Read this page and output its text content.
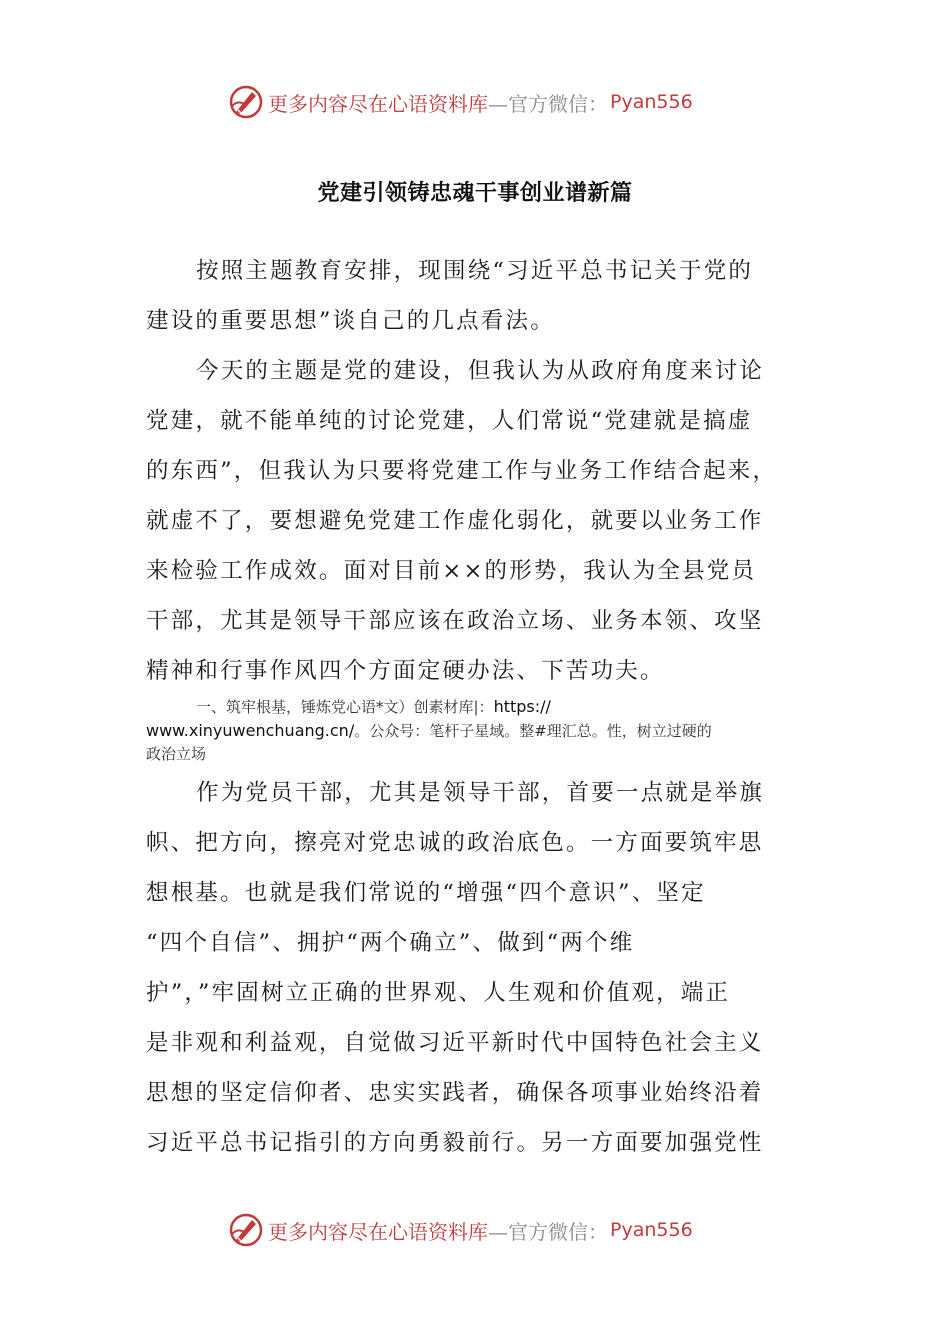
更多内容尽在心语资料库 —官方微信： Pyan556
党建引领铸忠魂干事创业谱新篇
按照主题教育安排，现围绕“习近平总书记关于党的
建设的重要思想”谈自己的几点看法。
今天的主题是党的建设，但我认为从政府角度来讨论
党建，就不能单纯的讨论党建，人们常说“党建就是搞虚
的东西”，但我认为只要将党建工作与业务工作结合起来，
就虚不了，要想避免党建工作虚化弱化，就要以业务工作
来检验工作成效。面对目前××的形势，我认为全县党员
干部，尤其是领导干部应该在政治立场、业务本领、攻坚
精神和行事作风四个方面定硬办法、下苦功夫。
一、筑牢根基，锤炼党心语*文）创素材库|：https://
www.xinyuwenchuang.cn/。公众号：笔杆子星域。整#理汇总。性，树立过硬的
政治立场
作为党员干部，尤其是领导干部，首要一点就是举旗
帜、把方向，擦亮对党忠诚的政治底色。一方面要筑牢思
想根基。也就是我们常说的“增强“四个意识”、坚定
“四个自信”、拥护“两个确立”、做到“两个维
护”，”牢固树立正确的世界观、人生观和价值观，端正
是非观和利益观，自觉做习近平新时代中国特色社会主义
思想的坚定信仰者、忠实实践者，确保各项事业始终沿着
习近平总书记指引的方向勇毅前行。另一方面要加强党性
更多内容尽在心语资料库 —官方微信： Pyan556
